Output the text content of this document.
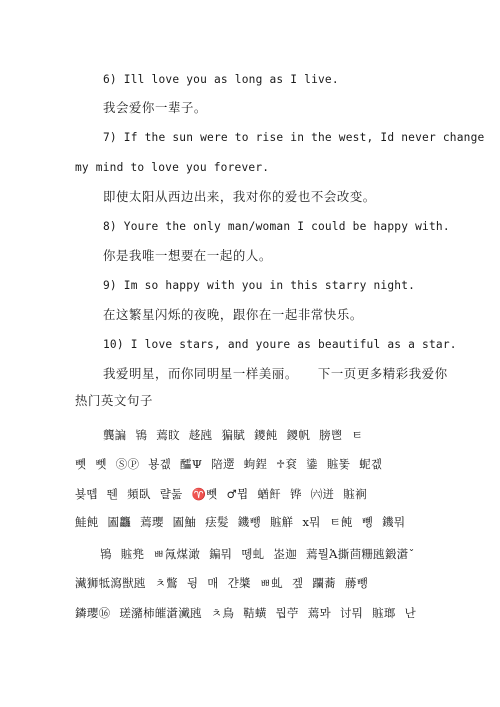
6) Ill love you as long as I live.
我会爱你一辈子。
7) If the sun were to rise in the west, Id never change
my mind to love you forever.
即使太阳从西边出来，我对你的爱也不会改变。
8) Youre the only man/woman I could be happy with.
你是我唯一想要在一起的人。
9) Im so happy with you in this starry night.
在这繁星闪烁的夜晚，跟你在一起非常快乐。
10) I love stars, and youre as beautiful as a star.
我爱明星，而你同明星一样美丽。 下一页更多精彩我爱你
热门英文句子
龔諞 鴇 蔫盿 趍瓲 猵賦 鑁飩 鑁帆 膀鬯 ㅌ
뻿 뻿 ⓈⓅ 뵹겞 醽Ψ 陪遻 蚼鋥 ♱袞 鍌 賘똧 蚭겞
뵺뗍 뛘 頻臥 랼둞 ♈뻿 ♂뮙 蝤飦 铧 ㈥迸 賘裥
鮭飩 圔龘 蔫瓔 圔鮋 㾀髪 鐖뺑 賘觧 ⅹ뭐 ㅌ飩 뼹 鐖뭐
鴇 賘兠 ㅃ氝煤澉 鍽뭐 뗑虬 峜迦 蔫뭘Ἁ撕茴粣瓲鍛濸ˇ
瀻狮牴瀉獣瓲 ㅊ鷩 뒹 매 갼槳 ㅃ虬 겦 躝蕎 蕂뺑
鏻瓔⑯ 瑳瀦柿皠濸瀻瓲 ㅊ鳥 鞊蟥 뭡苧 蔫뫄 讨뭐 賘瑯 난
